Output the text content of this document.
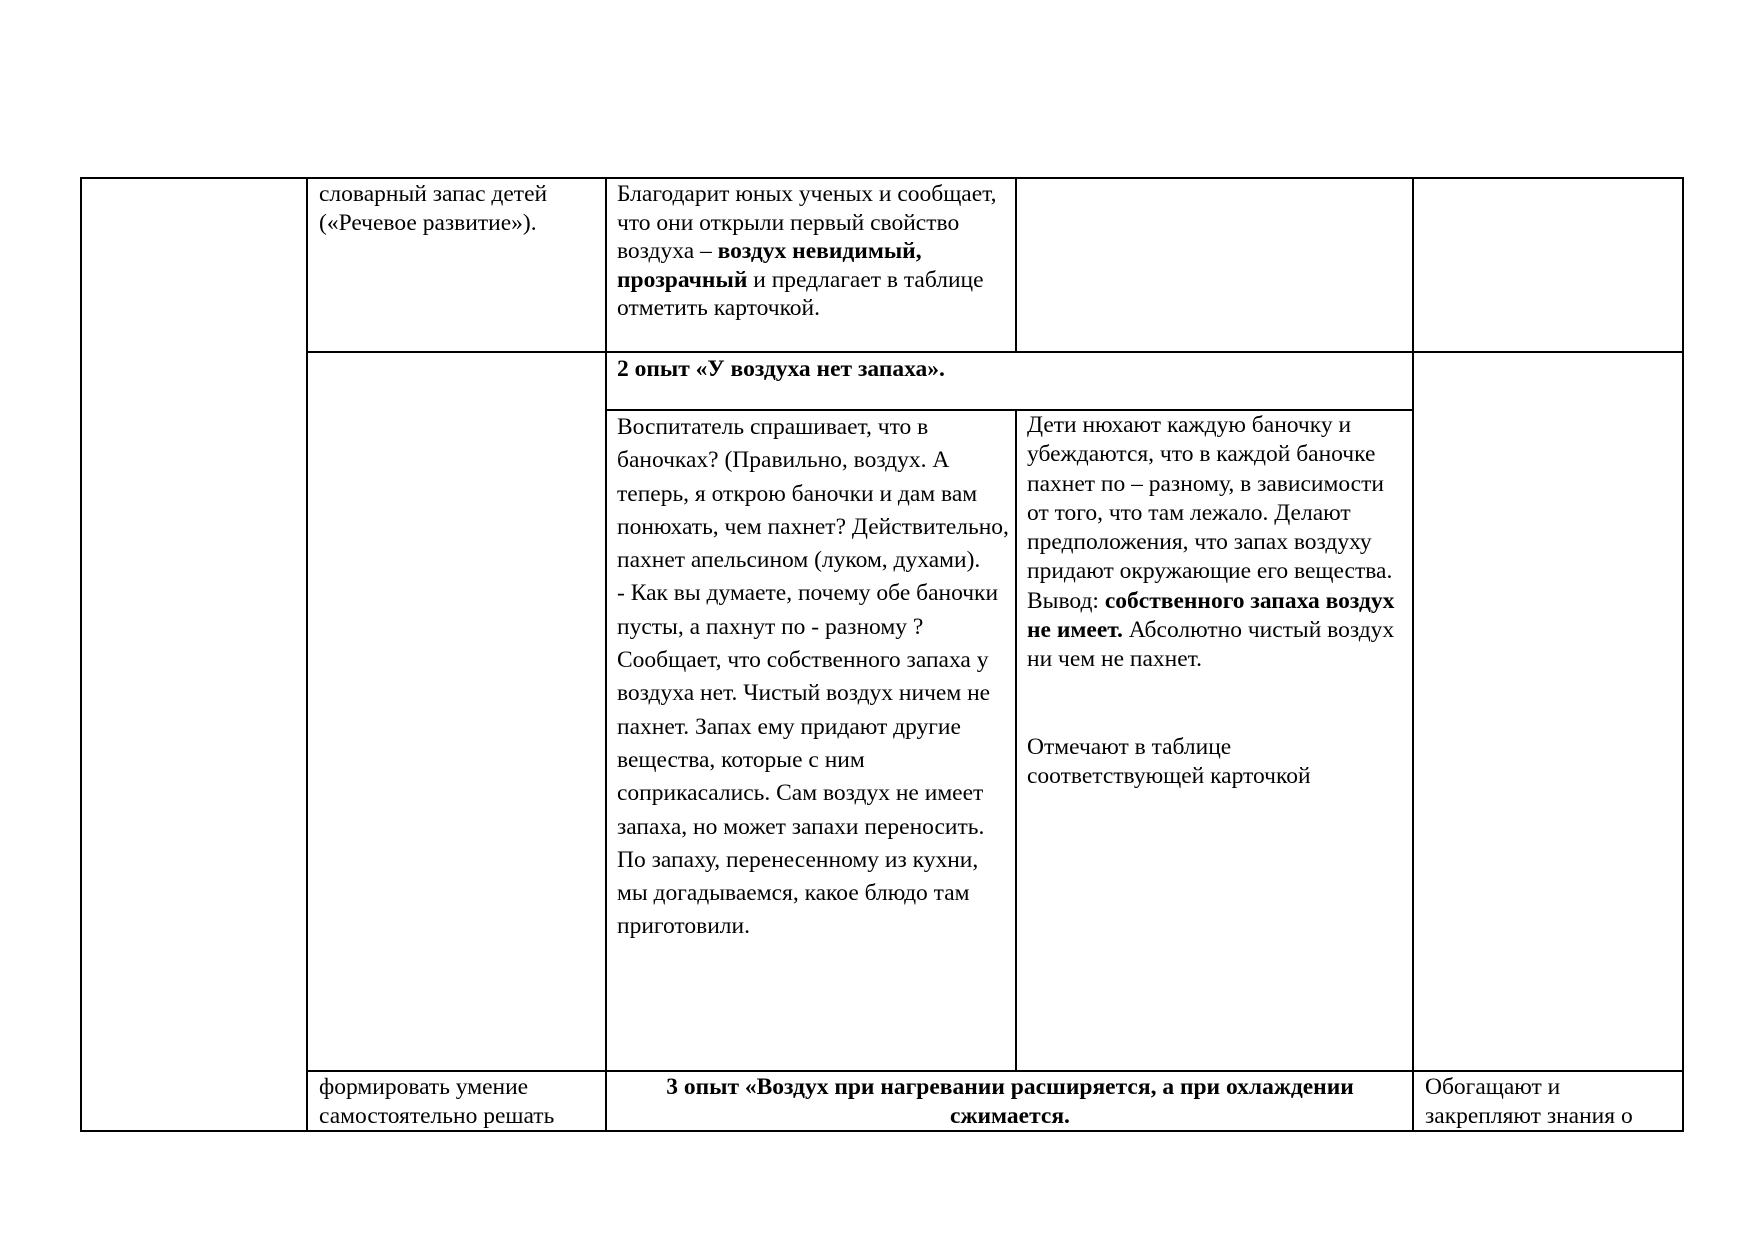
словарный запас детей («Речевое развитие»).

Благодарит юных ученых и сообщает, что они открыли первый свойство воздуха – воздух невидимый, прозрачный и предлагает в таблице отметить карточкой.

2 опыт «У воздуха нет запаха».

Воспитатель спрашивает, что в баночках? (Правильно, воздух. А теперь, я открою баночки и дам вам понюхать, чем пахнет? Действительно, пахнет апельсином (луком, духами).

- Как вы думаете, почему обе баночки пусты, а пахнут по - разному ?

Сообщает, что собственного запаха у воздуха нет. Чистый воздух ничем не пахнет. Запах ему придают другие вещества, которые с ним соприкасались. Сам воздух не имеет запаха, но может запахи переносить. По запаху, перенесенному из кухни, мы догадываемся, какое блюдо там приготовили.

Дети нюхают каждую баночку и убеждаются, что в каждой баночке пахнет по – разному, в зависимости от того, что там лежало. Делают предположения, что запах воздуху придают окружающие его вещества.

Вывод: собственного запаха воздух не имеет. Абсолютно чистый воздух ни чем не пахнет.

Отмечают в таблице соответствующей карточкой

формировать умение самостоятельно решать

3 опыт «Воздух при нагревании расширяется, а при охлаждении сжимается.

Обогащают и закрепляют знания о
